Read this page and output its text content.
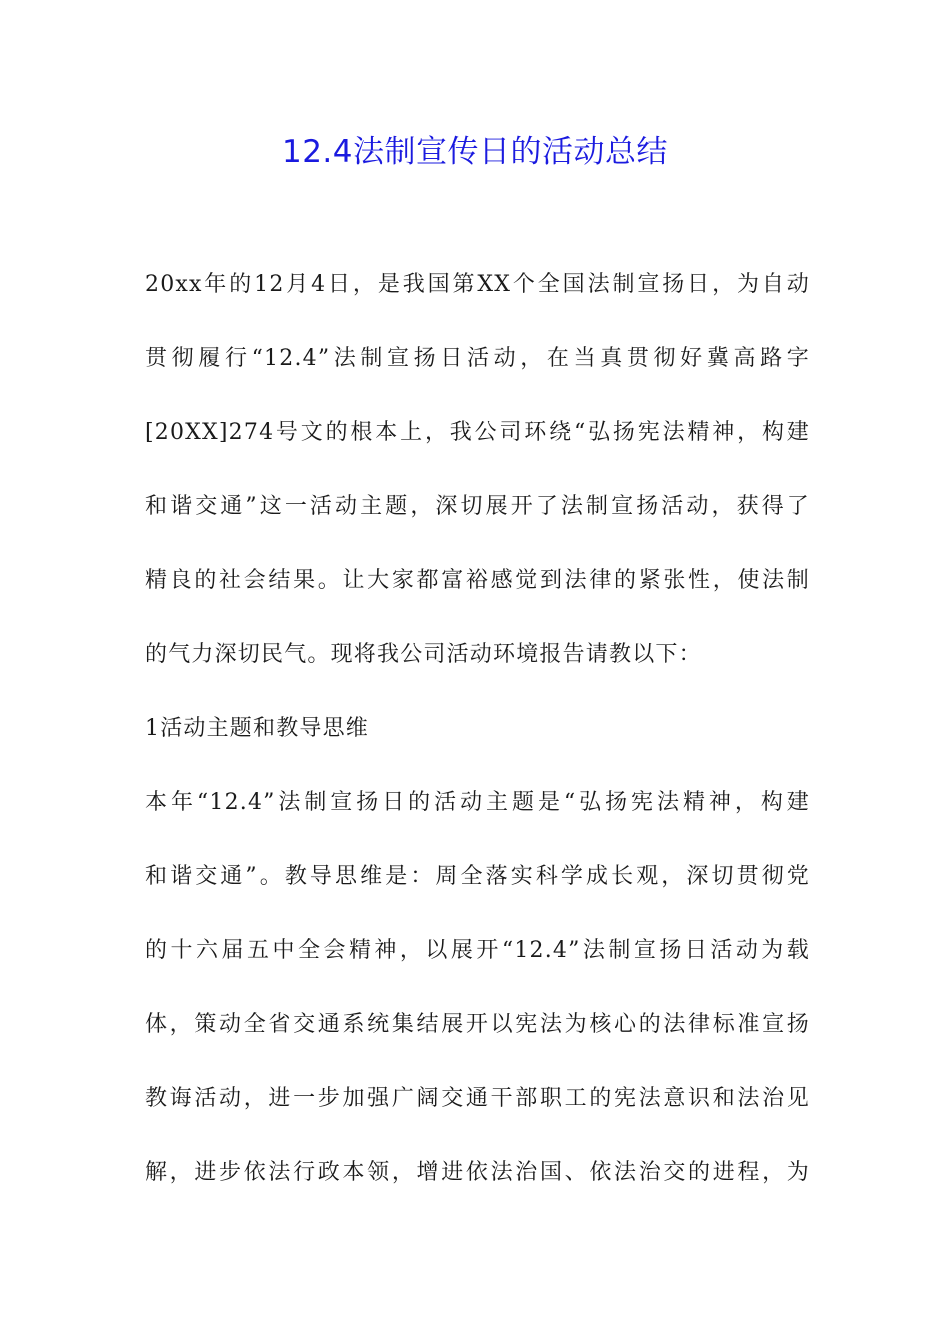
12.4法制宣传日的活动总结
20xx年的12月4日，是我国第XX个全国法制宣扬日，为自动
贯彻履行“12.4”法制宣扬日活动，在当真贯彻好冀高路字
[20XX]274号文的根本上，我公司环绕“弘扬宪法精神，构建
和谐交通”这一活动主题，深切展开了法制宣扬活动，获得了
精良的社会结果。让大家都富裕感觉到法律的紧张性，使法制
的气力深切民气。现将我公司活动环境报告请教以下：
1活动主题和教导思维
本年“12.4”法制宣扬日的活动主题是“弘扬宪法精神，构建
和谐交通”。教导思维是：周全落实科学成长观，深切贯彻党
的十六届五中全会精神，以展开“12.4”法制宣扬日活动为载
体，策动全省交通系统集结展开以宪法为核心的法律标准宣扬
教诲活动，进一步加强广阔交通干部职工的宪法意识和法治见
解，进步依法行政本领，增进依法治国、依法治交的进程，为
